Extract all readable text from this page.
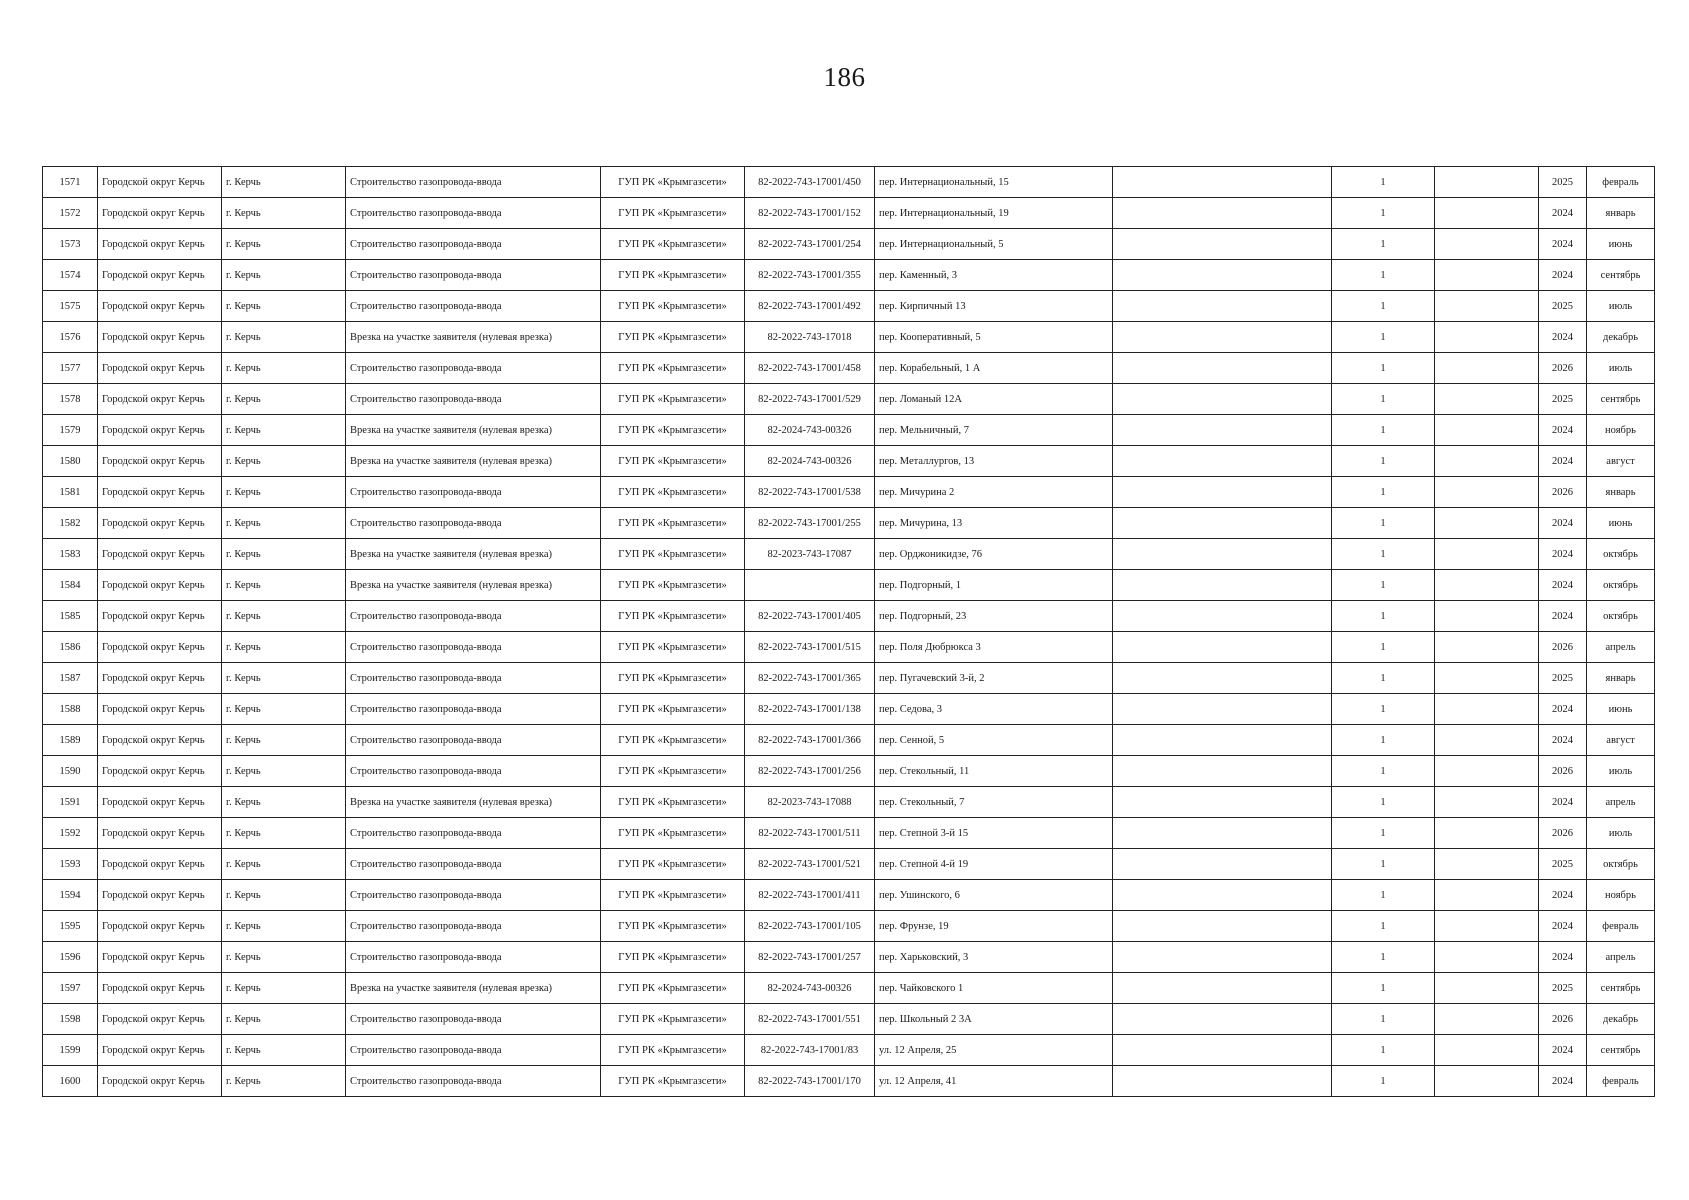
186
1571	Городской округ Керчь	г. Керчь	Строительство газопровода-ввода	ГУП РК «Крымгазсети»	82-2022-743-17001/450	пер. Интернациональный, 15		1		2025	февраль
1572	Городской округ Керчь	г. Керчь	Строительство газопровода-ввода	ГУП РК «Крымгазсети»	82-2022-743-17001/152	пер. Интернациональный, 19		1		2024	январь
1573	Городской округ Керчь	г. Керчь	Строительство газопровода-ввода	ГУП РК «Крымгазсети»	82-2022-743-17001/254	пер. Интернациональный, 5		1		2024	июнь
1574	Городской округ Керчь	г. Керчь	Строительство газопровода-ввода	ГУП РК «Крымгазсети»	82-2022-743-17001/355	пер. Каменный, 3		1		2024	сентябрь
1575	Городской округ Керчь	г. Керчь	Строительство газопровода-ввода	ГУП РК «Крымгазсети»	82-2022-743-17001/492	пер. Кирпичный 13		1		2025	июль
1576	Городской округ Керчь	г. Керчь	Врезка на участке заявителя (нулевая врезка)	ГУП РК «Крымгазсети»	82-2022-743-17018	пер. Кооперативный, 5		1		2024	декабрь
1577	Городской округ Керчь	г. Керчь	Строительство газопровода-ввода	ГУП РК «Крымгазсети»	82-2022-743-17001/458	пер. Корабельный, 1 А		1		2026	июль
1578	Городской округ Керчь	г. Керчь	Строительство газопровода-ввода	ГУП РК «Крымгазсети»	82-2022-743-17001/529	пер. Ломаный 12А		1		2025	сентябрь
1579	Городской округ Керчь	г. Керчь	Врезка на участке заявителя (нулевая врезка)	ГУП РК «Крымгазсети»	82-2024-743-00326	пер. Мельничный, 7		1		2024	ноябрь
1580	Городской округ Керчь	г. Керчь	Врезка на участке заявителя (нулевая врезка)	ГУП РК «Крымгазсети»	82-2024-743-00326	пер. Металлургов, 13		1		2024	август
1581	Городской округ Керчь	г. Керчь	Строительство газопровода-ввода	ГУП РК «Крымгазсети»	82-2022-743-17001/538	пер. Мичурина 2		1		2026	январь
1582	Городской округ Керчь	г. Керчь	Строительство газопровода-ввода	ГУП РК «Крымгазсети»	82-2022-743-17001/255	пер. Мичурина, 13		1		2024	июнь
1583	Городской округ Керчь	г. Керчь	Врезка на участке заявителя (нулевая врезка)	ГУП РК «Крымгазсети»	82-2023-743-17087	пер. Орджоникидзе, 76		1		2024	октябрь
1584	Городской округ Керчь	г. Керчь	Врезка на участке заявителя (нулевая врезка)	ГУП РК «Крымгазсети»		пер. Подгорный, 1		1		2024	октябрь
1585	Городской округ Керчь	г. Керчь	Строительство газопровода-ввода	ГУП РК «Крымгазсети»	82-2022-743-17001/405	пер. Подгорный, 23		1		2024	октябрь
1586	Городской округ Керчь	г. Керчь	Строительство газопровода-ввода	ГУП РК «Крымгазсети»	82-2022-743-17001/515	пер. Поля Дюбрюкса 3		1		2026	апрель
1587	Городской округ Керчь	г. Керчь	Строительство газопровода-ввода	ГУП РК «Крымгазсети»	82-2022-743-17001/365	пер. Пугачевский 3-й, 2		1		2025	январь
1588	Городской округ Керчь	г. Керчь	Строительство газопровода-ввода	ГУП РК «Крымгазсети»	82-2022-743-17001/138	пер. Седова, 3		1		2024	июнь
1589	Городской округ Керчь	г. Керчь	Строительство газопровода-ввода	ГУП РК «Крымгазсети»	82-2022-743-17001/366	пер. Сенной, 5		1		2024	август
1590	Городской округ Керчь	г. Керчь	Строительство газопровода-ввода	ГУП РК «Крымгазсети»	82-2022-743-17001/256	пер. Стекольный, 11		1		2026	июль
1591	Городской округ Керчь	г. Керчь	Врезка на участке заявителя (нулевая врезка)	ГУП РК «Крымгазсети»	82-2023-743-17088	пер. Стекольный, 7		1		2024	апрель
1592	Городской округ Керчь	г. Керчь	Строительство газопровода-ввода	ГУП РК «Крымгазсети»	82-2022-743-17001/511	пер. Степной 3-й 15		1		2026	июль
1593	Городской округ Керчь	г. Керчь	Строительство газопровода-ввода	ГУП РК «Крымгазсети»	82-2022-743-17001/521	пер. Степной 4-й 19		1		2025	октябрь
1594	Городской округ Керчь	г. Керчь	Строительство газопровода-ввода	ГУП РК «Крымгазсети»	82-2022-743-17001/411	пер. Ушинского, 6		1		2024	ноябрь
1595	Городской округ Керчь	г. Керчь	Строительство газопровода-ввода	ГУП РК «Крымгазсети»	82-2022-743-17001/105	пер. Фрунзе, 19		1		2024	февраль
1596	Городской округ Керчь	г. Керчь	Строительство газопровода-ввода	ГУП РК «Крымгазсети»	82-2022-743-17001/257	пер. Харьковский, 3		1		2024	апрель
1597	Городской округ Керчь	г. Керчь	Врезка на участке заявителя (нулевая врезка)	ГУП РК «Крымгазсети»	82-2024-743-00326	пер. Чайковского 1		1		2025	сентябрь
1598	Городской округ Керчь	г. Керчь	Строительство газопровода-ввода	ГУП РК «Крымгазсети»	82-2022-743-17001/551	пер. Школьный 2 3А		1		2026	декабрь
1599	Городской округ Керчь	г. Керчь	Строительство газопровода-ввода	ГУП РК «Крымгазсети»	82-2022-743-17001/83	ул. 12 Апреля, 25		1		2024	сентябрь
1600	Городской округ Керчь	г. Керчь	Строительство газопровода-ввода	ГУП РК «Крымгазсети»	82-2022-743-17001/170	ул. 12 Апреля, 41		1		2024	февраль
